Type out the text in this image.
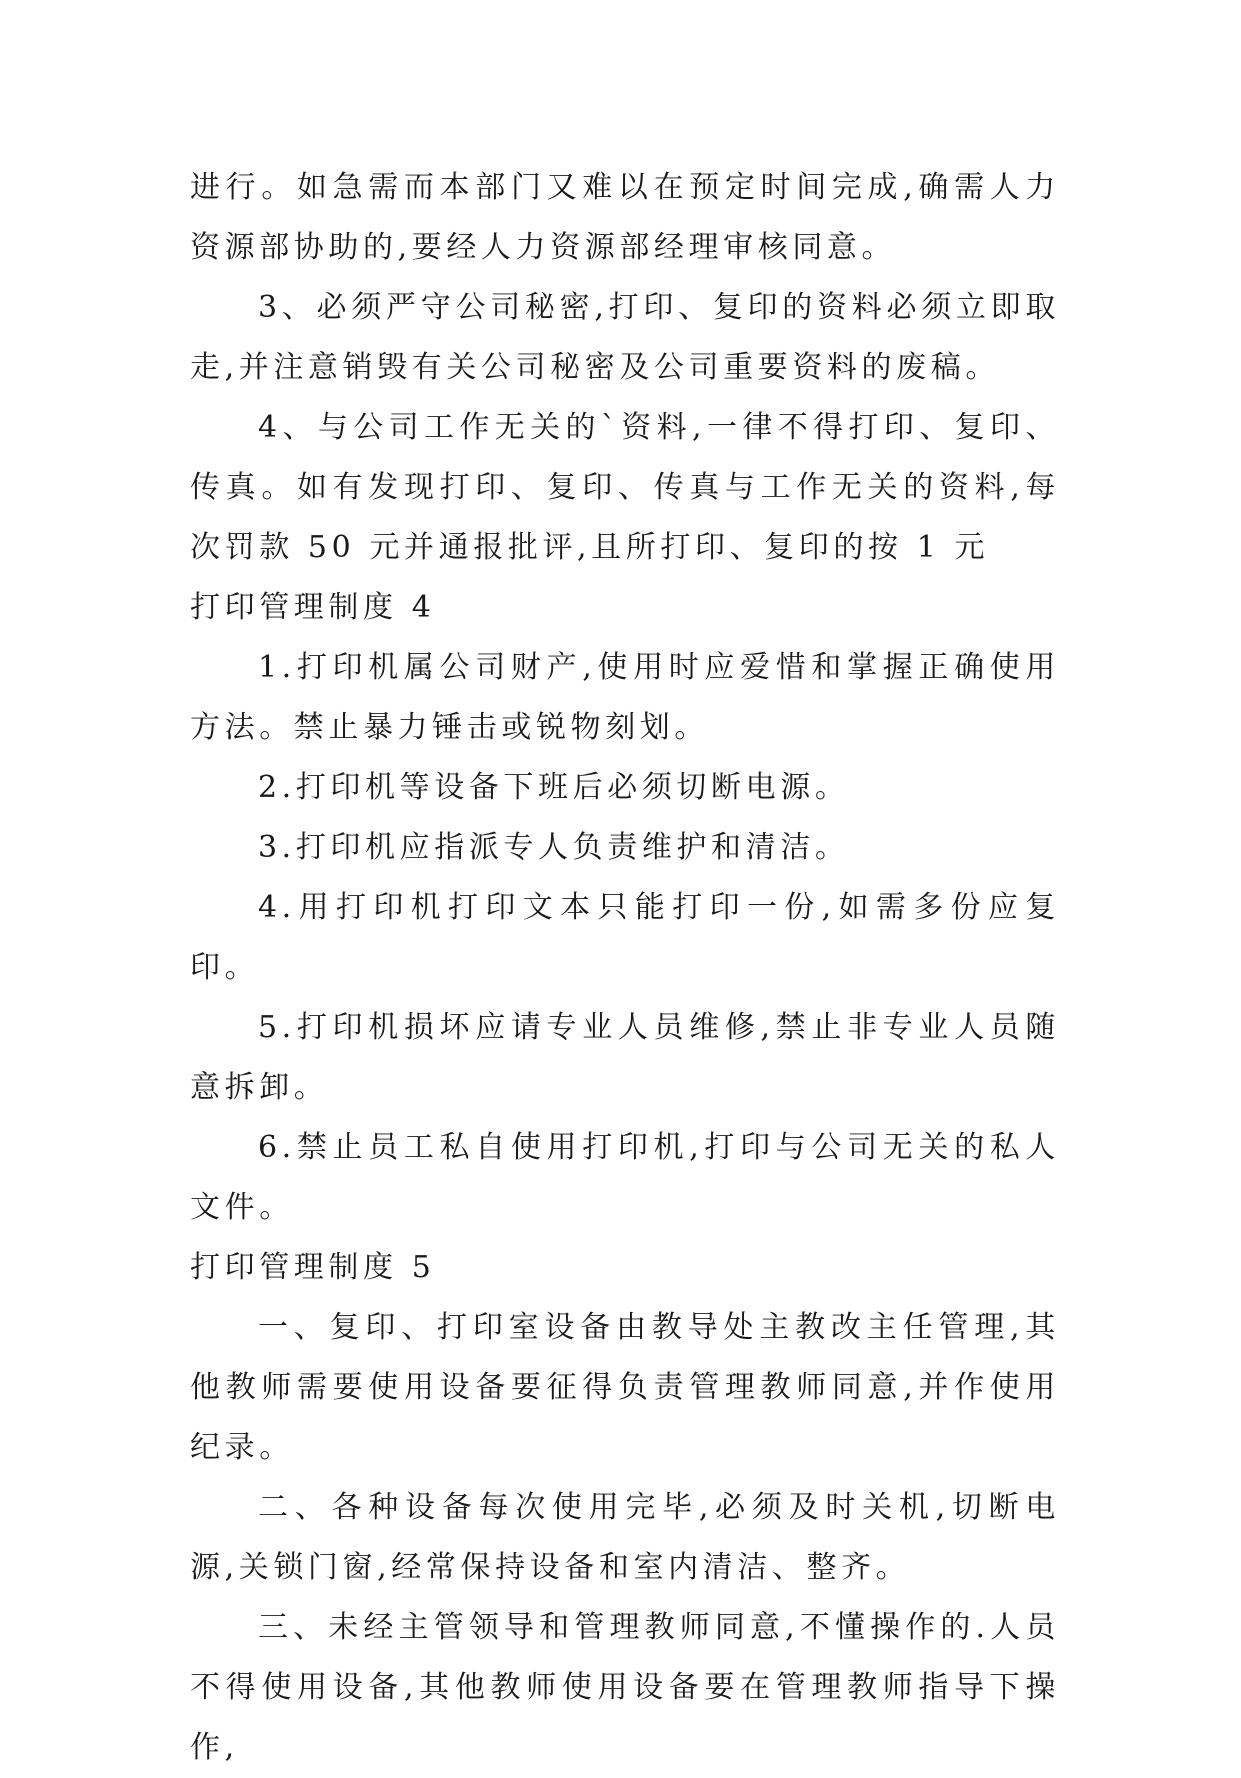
进行。如急需而本部门又难以在预定时间完成,确需人力资源部协助的,要经人力资源部经理审核同意。

3、必须严守公司秘密,打印、复印的资料必须立即取走,并注意销毁有关公司秘密及公司重要资料的废稿。

4、与公司工作无关的`资料,一律不得打印、复印、传真。如有发现打印、复印、传真与工作无关的资料,每次罚款 50 元并通报批评,且所打印、复印的按 1 元

打印管理制度 4

1.打印机属公司财产,使用时应爱惜和掌握正确使用方法。禁止暴力锤击或锐物刻划。

2.打印机等设备下班后必须切断电源。

3.打印机应指派专人负责维护和清洁。

4.用打印机打印文本只能打印一份,如需多份应复印。

5.打印机损坏应请专业人员维修,禁止非专业人员随意拆卸。

6.禁止员工私自使用打印机,打印与公司无关的私人文件。

打印管理制度 5

一、复印、打印室设备由教导处主教改主任管理,其他教师需要使用设备要征得负责管理教师同意,并作使用纪录。

二、各种设备每次使用完毕,必须及时关机,切断电源,关锁门窗,经常保持设备和室内清洁、整齐。

三、未经主管领导和管理教师同意,不懂操作的.人员不得使用设备,其他教师使用设备要在管理教师指导下操作,
